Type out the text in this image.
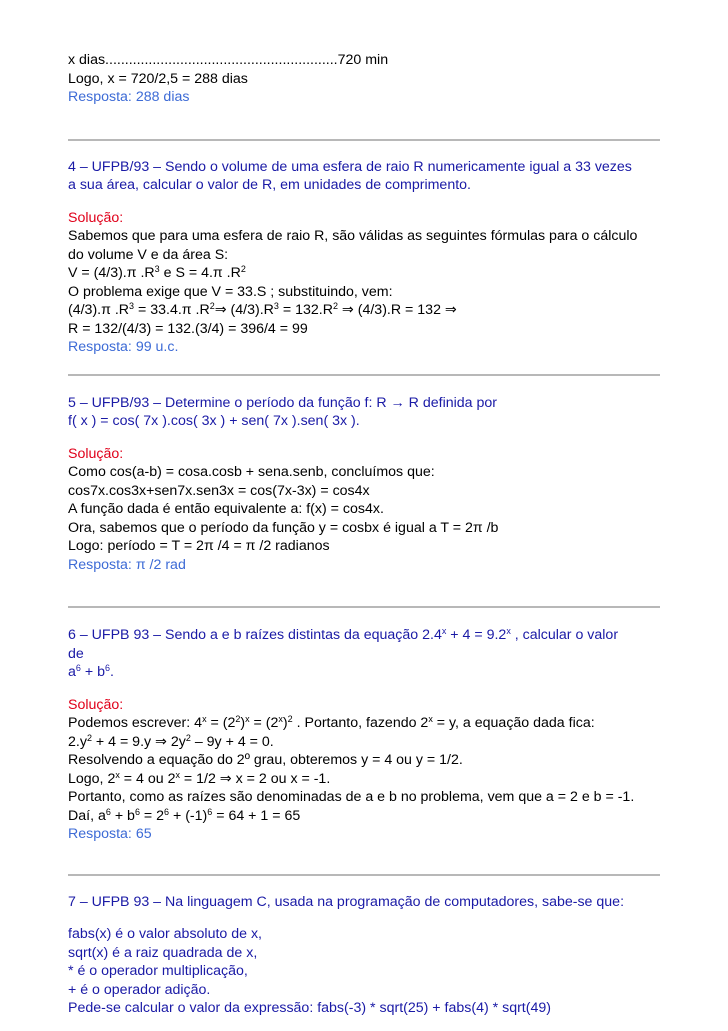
x dias...........................................................720 min
Logo, x = 720/2,5 = 288 dias
Resposta: 288 dias
4 – UFPB/93 – Sendo o volume de uma esfera de raio R numericamente igual a 33 vezes
a sua área, calcular o valor de R, em unidades de comprimento.
Solução:
Sabemos que para uma esfera de raio R, são válidas as seguintes fórmulas para o cálculo
do volume V e da área S:
V = (4/3).π $.R^3$ e S = 4.π $.R^2$
O problema exige que V = 33.S ; substituindo, vem:
(4/3).π $.R^3 = 33.4.\pi$ $.R^2\Rightarrow$ $(4/3).R^3 = 132.R^2$ ⇒ (4/3).R = 132 ⇒
R = 132/(4/3) = 132.(3/4) = 396/4 = 99
Resposta: 99 u.c.
5 – UFPB/93 – Determine o período da função f: R → R definida por
f( x ) = cos( 7x ).cos( 3x ) + sen( 7x ).sen( 3x ).
Solução:
Como cos(a-b) = cosa.cosb + sena.senb, concluímos que:
cos7x.cos3x+sen7x.sen3x = cos(7x-3x) = cos4x
A função dada é então equivalente a: f(x) = cos4x.
Ora, sabemos que o período da função y = cosbx é igual a T = 2π /b
Logo: período = T = 2π /4 = π /2 radianos
Resposta: π /2 rad
6 – UFPB 93 – Sendo a e b raízes distintas da equação $2.4^x + 4 = 9.2^x$ , calcular o valor
de
$a^6 + b^6$.
Solução:
Podemos escrever: $4^x = (2^2)^x = (2^x)^2$ . Portanto, fazendo $2^x = y$, a equação dada fica:
$2.y^2 + 4 = 9.y$ ⇒ $2y^2 - 9y + 4 = 0$.
Resolvendo a equação do 2º grau, obteremos y = 4 ou y = 1/2.
Logo, $2^x = 4$ ou $2^x = 1/2$ ⇒ x = 2 ou x = -1.
Portanto, como as raízes são denominadas de a e b no problema, vem que a = 2 e b = -1.
Daí, $a^6 + b^6 = 2^6 + (-1)^6 = 64 + 1 = 65$
Resposta: 65
7 – UFPB 93 – Na linguagem C, usada na programação de computadores, sabe-se que:
fabs(x) é o valor absoluto de x,
sqrt(x) é a raiz quadrada de x,
* é o operador multiplicação,
+ é o operador adição.
Pede-se calcular o valor da expressão: fabs(-3) * sqrt(25) + fabs(4) * sqrt(49)
